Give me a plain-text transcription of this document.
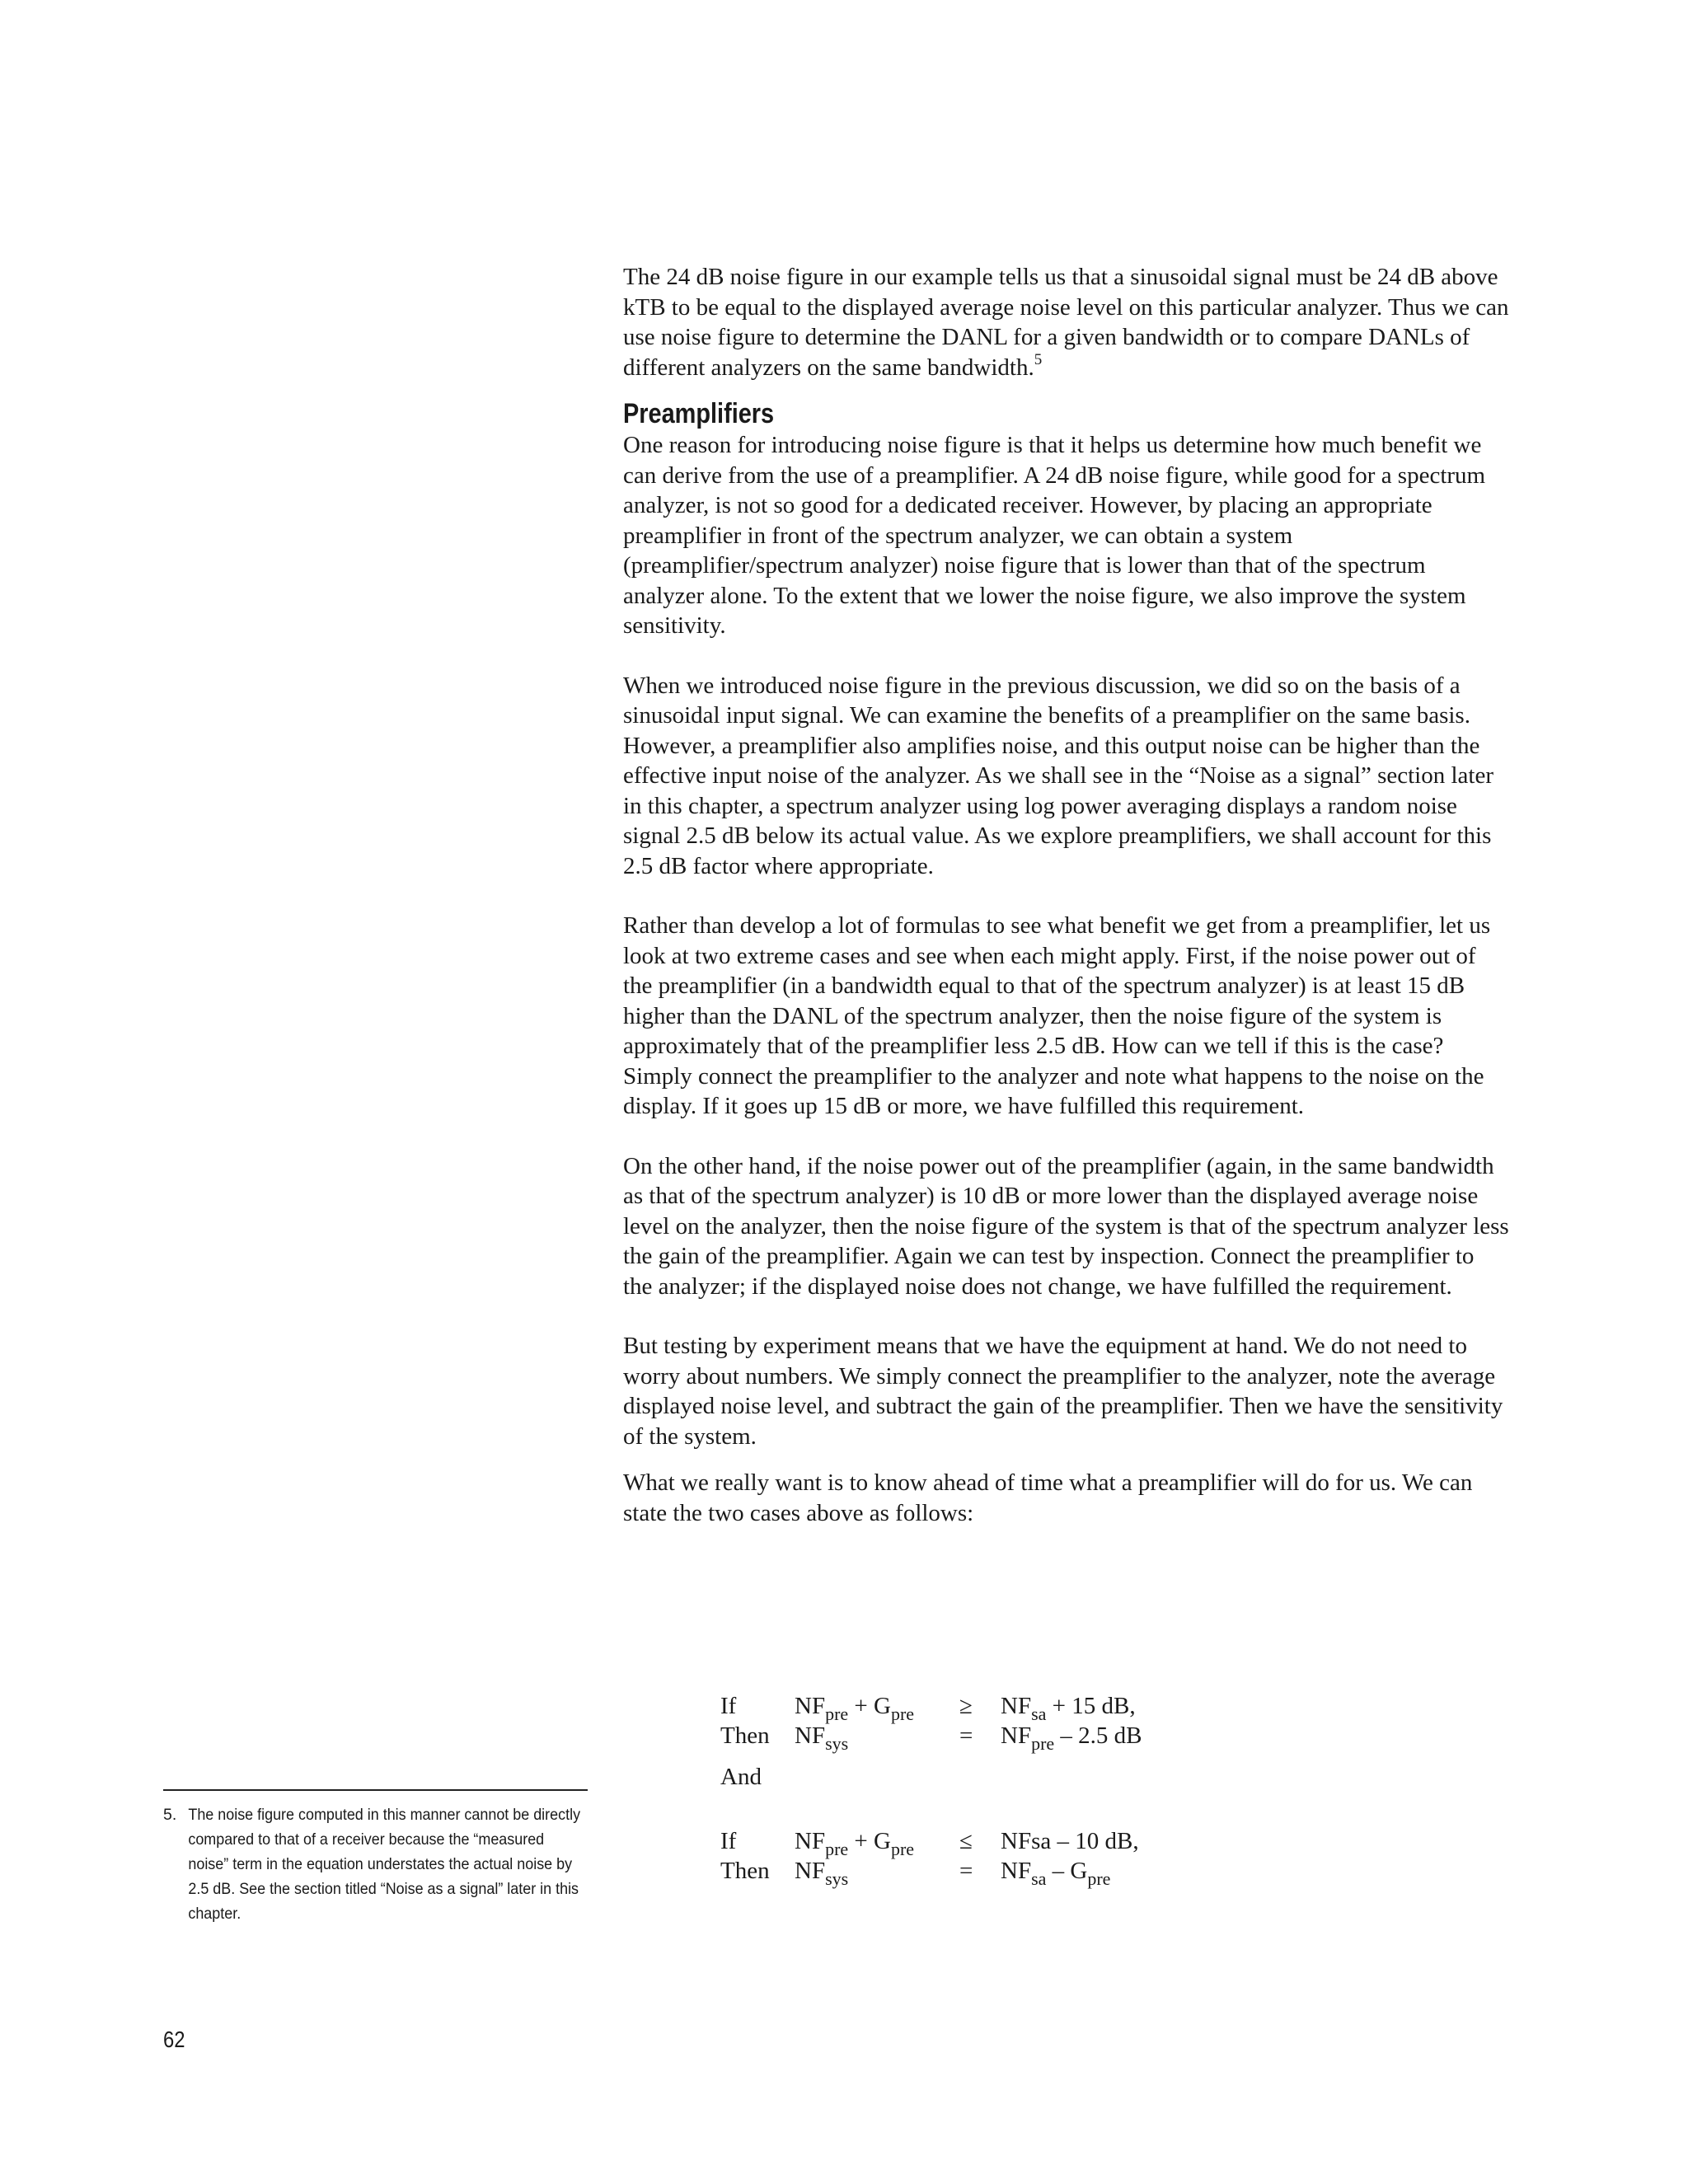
The 24 dB noise figure in our example tells us that a sinusoidal signal must be 24 dB above kTB to be equal to the displayed average noise level on this particular analyzer. Thus we can use noise figure to determine the DANL for a given bandwidth or to compare DANLs of different analyzers on the same bandwidth.$^5$

Preamplifiers

One reason for introducing noise figure is that it helps us determine how much benefit we can derive from the use of a preamplifier. A 24 dB noise figure, while good for a spectrum analyzer, is not so good for a dedicated receiver. However, by placing an appropriate preamplifier in front of the spectrum analyzer, we can obtain a system (preamplifier/spectrum analyzer) noise figure that is lower than that of the spectrum analyzer alone. To the extent that we lower the noise figure, we also improve the system sensitivity.

When we introduced noise figure in the previous discussion, we did so on the basis of a sinusoidal input signal. We can examine the benefits of a preamplifier on the same basis. However, a preamplifier also amplifies noise, and this output noise can be higher than the effective input noise of the analyzer. As we shall see in the “Noise as a signal” section later in this chapter, a spectrum analyzer using log power averaging displays a random noise signal 2.5 dB below its actual value. As we explore preamplifiers, we shall account for this 2.5 dB factor where appropriate.

Rather than develop a lot of formulas to see what benefit we get from a preamplifier, let us look at two extreme cases and see when each might apply. First, if the noise power out of the preamplifier (in a bandwidth equal to that of the spectrum analyzer) is at least 15 dB higher than the DANL of the spectrum analyzer, then the noise figure of the system is approximately that of the preamplifier less 2.5 dB. How can we tell if this is the case? Simply connect the preamplifier to the analyzer and note what happens to the noise on the display. If it goes up 15 dB or more, we have fulfilled this requirement.

On the other hand, if the noise power out of the preamplifier (again, in the same bandwidth as that of the spectrum analyzer) is 10 dB or more lower than the displayed average noise level on the analyzer, then the noise figure of the system is that of the spectrum analyzer less the gain of the preamplifier. Again we can test by inspection. Connect the preamplifier to the analyzer; if the displayed noise does not change, we have fulfilled the requirement.

But testing by experiment means that we have the equipment at hand. We do not need to worry about numbers. We simply connect the preamplifier to the analyzer, note the average displayed noise level, and subtract the gain of the preamplifier. Then we have the sensitivity of the system.

What we really want is to know ahead of time what a preamplifier will do for us. We can state the two cases above as follows:

If	$NF_{pre} + G_{pre}$	≥	$NF_{sa} + 15$ dB,
Then	$NF_{sys}$	=	$NF_{pre} - 2.5$ dB
And
If	$NF_{pre} + G_{pre}$	≤	NFsa – 10 dB,
Then	$NF_{sys}$	=	$NF_{sa} - G_{pre}$
5. The noise figure computed in this manner cannot be directly compared to that of a receiver because the “measured noise” term in the equation understates the actual noise by 2.5 dB. See the section titled “Noise as a signal” later in this chapter.
62
